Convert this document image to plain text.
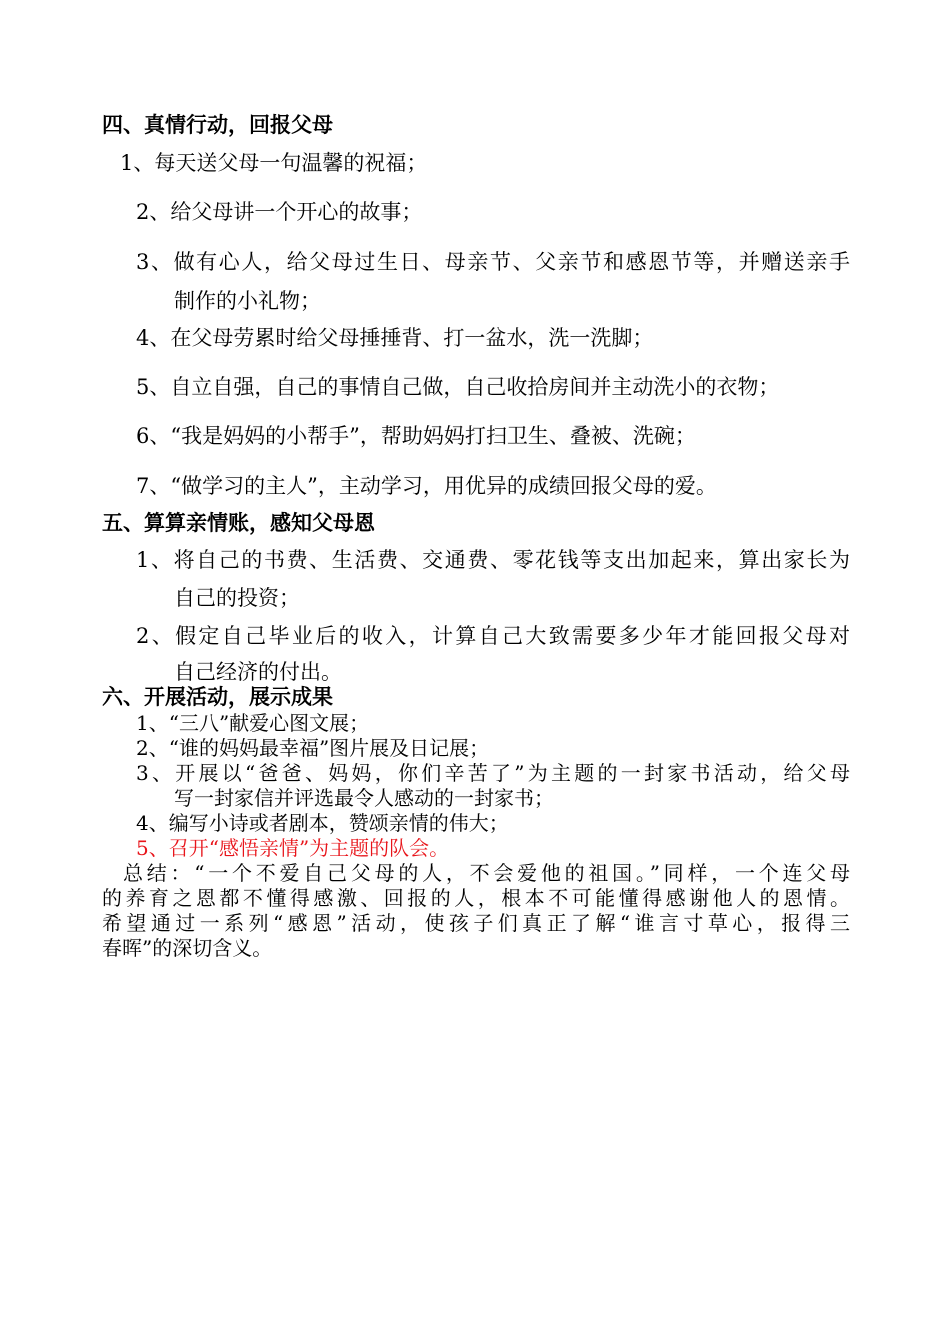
四、真情行动，回报父母
1、每天送父母一句温馨的祝福；
2、给父母讲一个开心的故事；
3、做有心人，给父母过生日、母亲节、父亲节和感恩节等，并赠送亲手
制作的小礼物；
4、在父母劳累时给父母捶捶背、打一盆水，洗一洗脚；
5、自立自强，自己的事情自己做，自己收拾房间并主动洗小的衣物；
6、“我是妈妈的小帮手”，帮助妈妈打扫卫生、叠被、洗碗；
7、“做学习的主人”，主动学习，用优异的成绩回报父母的爱。
五、算算亲情账，感知父母恩
1、将自己的书费、生活费、交通费、零花钱等支出加起来，算出家长为
自己的投资；
2、假定自己毕业后的收入，计算自己大致需要多少年才能回报父母对
自己经济的付出。
六、开展活动，展示成果
1、“三八”献爱心图文展；
2、“谁的妈妈最幸福”图片展及日记展；
3、开展以“爸爸、妈妈，你们辛苦了”为主题的一封家书活动，给父母
写一封家信并评选最令人感动的一封家书；
4、编写小诗或者剧本，赞颂亲情的伟大；
5、召开“感悟亲情”为主题的队会。
总结：“一个不爱自己父母的人，不会爱他的祖国。”同样，一个连父母
的养育之恩都不懂得感激、回报的人，根本不可能懂得感谢他人的恩情。
希望通过一系列“感恩”活动，使孩子们真正了解“谁言寸草心，报得三
春晖”的深切含义。
